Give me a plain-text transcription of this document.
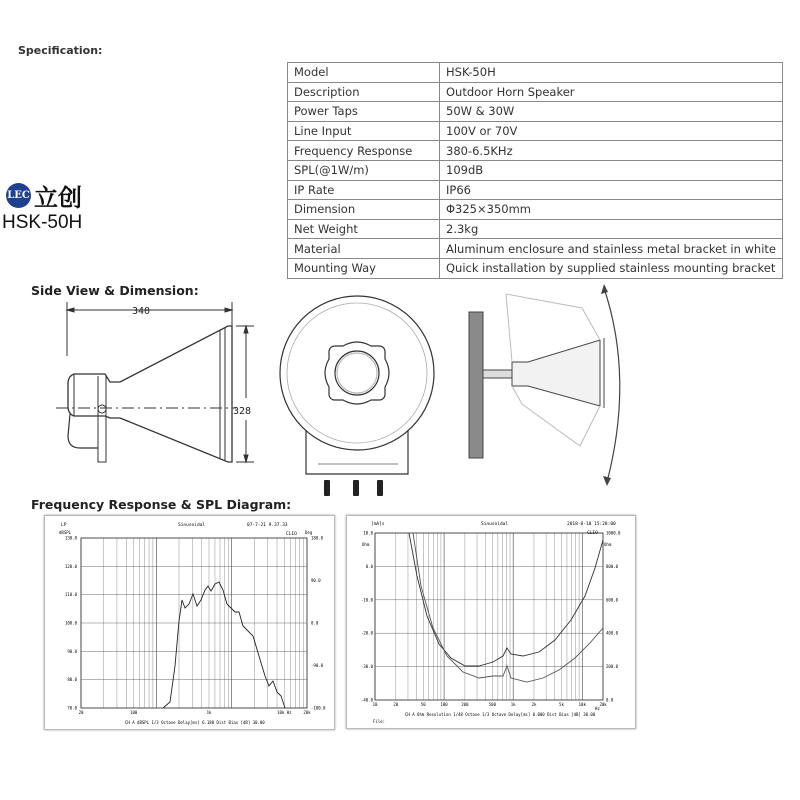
Specification:
LEC 立创
HSK-50H
Model	HSK-50H
Description	Outdoor Horn Speaker
Power Taps	50W & 30W
Line Input	100V or 70V
Frequency Response	380-6.5KHz
SPL(@1W/m)	109dB
IP Rate	IP66
Dimension	Φ325×350mm
Net Weight	2.3kg
Material	Aluminum enclosure and stainless metal bracket in white
Mounting Way	Quick installation by supplied stainless mounting bracket
Side View & Dimension:
340
328
Frequency Response & SPL Diagram:
LP	Sinusoidal	07-7-21 9.37.33
CLIO
dBSPL	Deg
130.0
120.0
110.0
100.0
90.0
80.0
70.0
180.0
90.0
0.0
-90.0
-180.0
20	100	1k	10k Hz	20k
CH A dBSPL 1/3 Octave Delay[ms] 6.188 Dist Bias [dB] 30.00
[mA]s	Sinusoidal	2018-8-10 15:28:00
CLIO
Ohm	Ohm
10.0
0.0
-10.0
-20.0
-30.0
-40.0
1000.0
800.0
600.0
400.0
200.0
0.0
10	20	50	100	200	500	1k	2k	5k	10k	20k
Hz
File:
CH A Ohm Resolution 1/48 Octave 1/3 Octave Delay[ms] 0.000 Dist Bias [dB] 30.00
